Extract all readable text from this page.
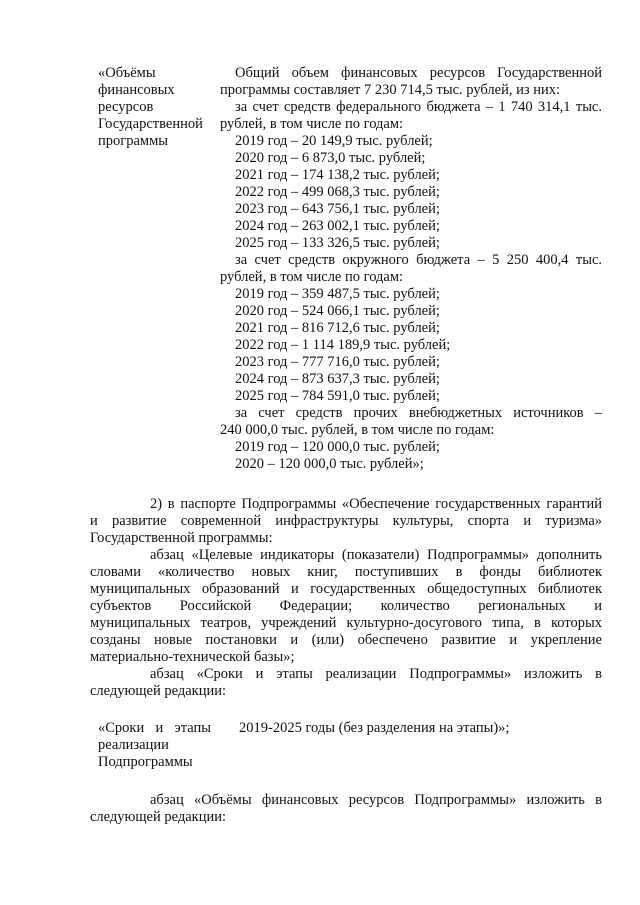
«Объёмы
финансовых
ресурсов
Государственной
программы
Общий объем финансовых ресурсов Государственной
программы составляет 7 230 714,5 тыс. рублей, из них:
за счет средств федерального бюджета – 1 740 314,1 тыс.
рублей, в том числе по годам:
2019 год – 20 149,9 тыс. рублей;
2020 год – 6 873,0 тыс. рублей;
2021 год – 174 138,2 тыс. рублей;
2022 год – 499 068,3 тыс. рублей;
2023 год – 643 756,1 тыс. рублей;
2024 год – 263 002,1 тыс. рублей;
2025 год – 133 326,5 тыс. рублей;
за счет средств окружного бюджета – 5 250 400,4 тыс.
рублей, в том числе по годам:
2019 год – 359 487,5 тыс. рублей;
2020 год – 524 066,1 тыс. рублей;
2021 год – 816 712,6 тыс. рублей;
2022 год – 1 114 189,9 тыс. рублей;
2023 год – 777 716,0 тыс. рублей;
2024 год – 873 637,3 тыс. рублей;
2025 год – 784 591,0 тыс. рублей;
за счет средств прочих внебюджетных источников –
240 000,0 тыс. рублей, в том числе по годам:
2019 год – 120 000,0 тыс. рублей;
2020 – 120 000,0 тыс. рублей»;
2) в паспорте Подпрограммы «Обеспечение государственных гарантий
и развитие современной инфраструктуры культуры, спорта и туризма»
Государственной программы:
абзац «Целевые индикаторы (показатели) Подпрограммы» дополнить
словами «количество новых книг, поступивших в фонды библиотек
муниципальных образований и государственных общедоступных библиотек
субъектов Российской Федерации; количество региональных и
муниципальных театров, учреждений культурно-досугового типа, в которых
созданы новые постановки и (или) обеспечено развитие и укрепление
материально-технической базы»;
абзац «Сроки и этапы реализации Подпрограммы» изложить в
следующей редакции:
«Сроки и этапы
реализации
Подпрограммы
2019-2025 годы (без разделения на этапы)»;
абзац «Объёмы финансовых ресурсов Подпрограммы» изложить в
следующей редакции:
